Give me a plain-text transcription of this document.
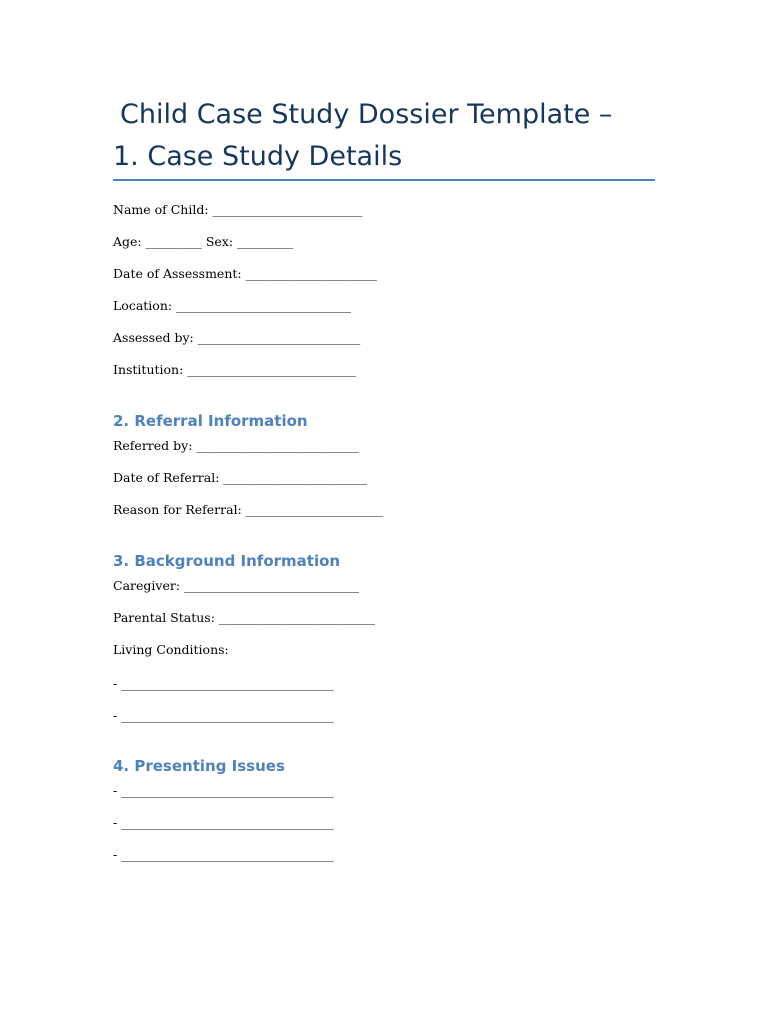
Child Case Study Dossier Template –
1. Case Study Details

Name of Child: ________________________

Age: _________ Sex: _________

Date of Assessment: _____________________

Location: ____________________________

Assessed by: __________________________

Institution: ___________________________

2. Referral Information

Referred by: __________________________

Date of Referral: _______________________

Reason for Referral: ______________________

3. Background Information

Caregiver: ____________________________

Parental Status: _________________________

Living Conditions:

- __________________________________

- __________________________________

4. Presenting Issues

- __________________________________

- __________________________________

- __________________________________
